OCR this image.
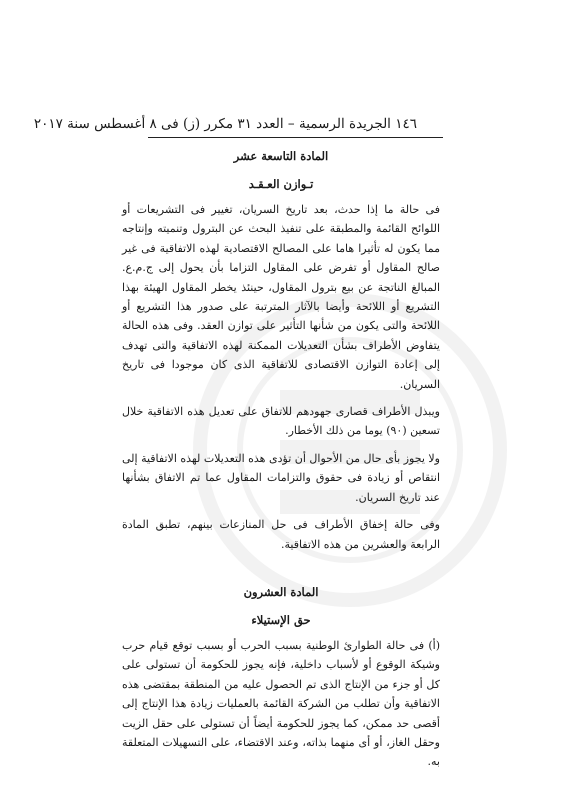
١٤٦ الجريدة الرسمية – العدد ٣١ مكرر (ز) فى ٨ أغسطس سنة ٢٠١٧

المادة التاسعة عشر

تـوازن العـقـد

فى حالة ما إذا حدث، بعد تاريخ السريان، تغيير فى التشريعات أو اللوائح القائمة والمطبقة على تنفيذ البحث عن البترول وتنميته وإنتاجه مما يكون له تأثيرا هاما على المصالح الاقتصادية لهذه الاتفاقية فى غير صالح المقاول أو تفرض على المقاول التزاما بأن يحول إلى ج.م.ع. المبالغ الناتجة عن بيع بترول المقاول، حينئذ يخطر المقاول الهيئة بهذا التشريع أو اللائحة وأيضا بالآثار المترتبة على صدور هذا التشريع أو اللائحة والتى يكون من شأنها التأثير على توازن العقد. وفى هذه الحالة يتفاوض الأطراف بشأن التعديلات الممكنة لهذه الاتفاقية والتى تهدف إلى إعادة التوازن الاقتصادى للاتفاقية الذى كان موجودا فى تاريخ السريان.

ويبذل الأطراف قصارى جهودهم للاتفاق على تعديل هذه الاتفاقية خلال تسعين (٩٠) يوما من ذلك الأخطار.

ولا يجوز بأى حال من الأحوال أن تؤدى هذه التعديلات لهذه الاتفاقية إلى انتقاص أو زيادة فى حقوق والتزامات المقاول عما تم الاتفاق بشأنها عند تاريخ السريان.

وفى حالة إخفاق الأطراف فى حل المنازعات بينهم، تطبق المادة الرابعة والعشرين من هذه الاتفاقية.

المادة العشرون

حق الإستيلاء

(أ) فى حالة الطوارئ الوطنية بسبب الحرب أو بسبب توقع قيام حرب وشيكة الوقوع أو لأسباب داخلية، فإنه يجوز للحكومة أن تستولى على كل أو جزء من الإنتاج الذى تم الحصول عليه من المنطقة بمقتضى هذه الاتفاقية وأن تطلب من الشركة القائمة بالعمليات زيادة هذا الإنتاج إلى أقصى حد ممكن، كما يجوز للحكومة أيضاً أن تستولى على حقل الزيت وحقل الغاز، أو أى منهما بذاته، وعند الاقتضاء، على التسهيلات المتعلقة به.
